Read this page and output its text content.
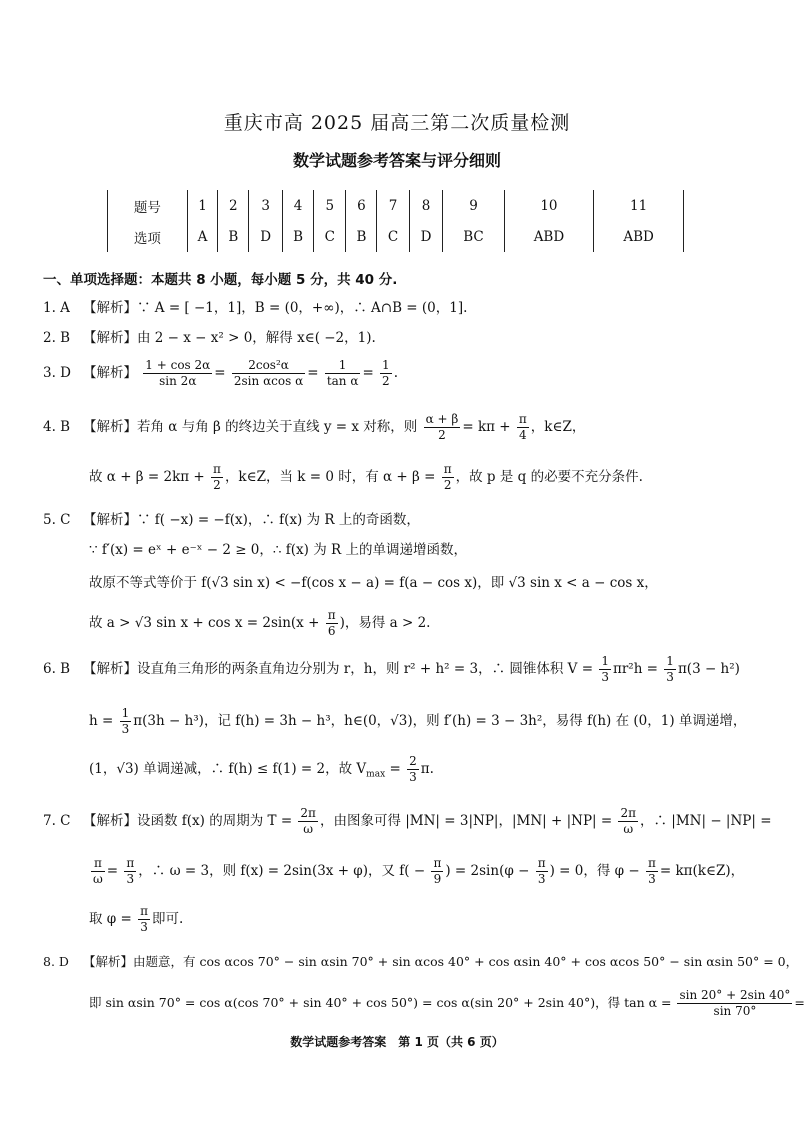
重庆市高 2025 届高三第二次质量检测
数学试题参考答案与评分细则
题号	1	2	3	4	5	6	7	8	9	10	11
选项	A	B	D	B	C	B	C	D	BC	ABD	ABD
一、单项选择题：本题共 8 小题，每小题 5 分，共 40 分.
1. A 【解析】∵ A = [ −1，1]，B = (0，+∞)，∴ A∩B = (0，1].
2. B 【解析】由 2 − x − x² > 0，解得 x∈( −2，1).
3. D 【解析】 $\frac{1 + \cos 2\alpha}{\sin 2\alpha} = \frac{\text{2cos²α}}{\text{2sin αcos α}} = \frac{1}{\text{tan α}} = \frac{1}{2}$ .
4. B 【解析】若角 α 与角 β 的终边关于直线 y = x 对称，则 $\frac{\alpha + \beta}{2} = k\pi + \frac{\pi}{4}$ ，k∈Z，
故 $\alpha + \beta = 2k\pi + \frac{\pi}{2}$ ，k∈Z，当 k = 0 时，有 $\alpha + \beta = \frac{\pi}{2}$ ，故 p 是 q 的必要不充分条件.
5. C 【解析】∵ f( −x) = −f(x)，∴ f(x) 为 R 上的奇函数，
∵ f′(x) = eˣ + e⁻ˣ − 2 ≥ 0，∴ f(x) 为 R 上的单调递增函数，
故原不等式等价于 f(√3 sin x) < −f(cos x − a) = f(a − cos x)，即 √3 sin x < a − cos x，
故 a > √3 $\sin x + \cos x = 2\sin(x + \frac{\pi}{6}$ )，易得 a > 2.
6. B 【解析】设直角三角形的两条直角边分别为 r，h，则 r² + h² = 3，∴ 圆锥体积 $V = \frac{1}{3} \pi r^2h = \frac{1}{3} \pi(3 - h^2)$
$h = \frac{1}{3} \pi(3h - h^3)$，记 f(h) = 3h − h³，h∈(0，√3)，则 f′(h) = 3 − 3h²，易得 f(h) 在 (0，1) 单调递增，
(1，√3) 单调递减，∴ f(h) ≤ f(1) = 2，故 $V_{max} = \frac{2}{3} \pi$.
7. C 【解析】设函数 f(x) 的周期为 $T = \frac{2\pi}{\omega}$ ，由图象可得 |MN| = 3|NP|，$|MN| + |NP| = \frac{2\pi}{\omega}$ ，∴ |MN| − |NP| =
$\frac{\pi}{\omega} = \frac{\pi}{3}$ ，∴ ω = 3，则 f(x) = 2sin(3x + φ)，又 $f( - \frac{\pi}{9}$ ) = $2\sin(\varphi - \frac{\pi}{3}$ ) = 0，得 $\varphi - \frac{\pi}{3}$ = kπ(k∈Z)，
取 $\varphi = \frac{\pi}{3}$ 即可.
8. D 【解析】由题意，有 cos αcos 70° − sin αsin 70° + sin αcos 40° + cos αsin 40° + cos αcos 50° − sin αsin 50° = 0，
即 sin αsin 70° = cos α(cos 70° + sin 40° + cos 50°) = cos α(sin 20° + 2sin 40°)，得 $\tan \alpha = \frac{\sin 20^\circ + 2\sin 40^\circ}{\sin 70^\circ}$ =
数学试题参考答案　第 1 页（共 6 页）
